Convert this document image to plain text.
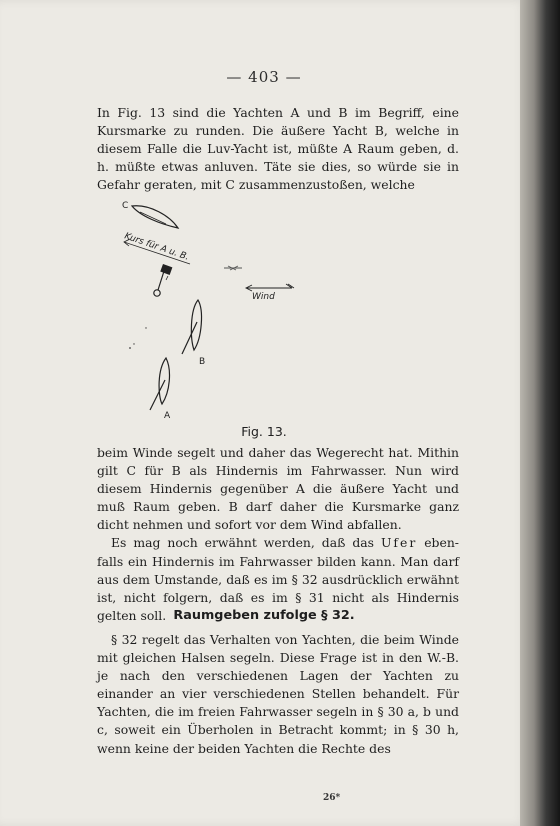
— 403 —

In Fig. 13 sind die Yachten A und B im Begriff, eine Kursmarke zu runden. Die äußere Yacht B, welche in diesem Falle die Luv-Yacht ist, müßte A Raum geben, d. h. müßte etwas anluven. Täte sie dies, so würde sie in Gefahr geraten, mit C zusammenzustoßen, welche

C
Kurs für A u. B.
Wind
B
A
Fig. 13.

beim Winde segelt und daher das Wegerecht hat. Mithin gilt C für B als Hindernis im Fahrwasser. Nun wird diesem Hindernis gegenüber A die äußere Yacht und muß Raum geben. B darf daher die Kursmarke ganz dicht nehmen und sofort vor dem Wind abfallen.

Es mag noch erwähnt werden, daß das Ufer eben-falls ein Hindernis im Fahrwasser bilden kann. Man darf aus dem Umstande, daß es im § 32 ausdrücklich erwähnt ist, nicht folgern, daß es im § 31 nicht als Hindernis gelten soll. Raumgeben zufolge § 32.

§ 32 regelt das Verhalten von Yachten, die beim Winde mit gleichen Halsen segeln. Diese Frage ist in den W.-B. je nach den verschiedenen Lagen der Yachten zu einander an vier verschiedenen Stellen behandelt. Für Yachten, die im freien Fahrwasser segeln in § 30 a, b und c, soweit ein Überholen in Betracht kommt; in § 30 h, wenn keine der beiden Yachten die Rechte des

26*
